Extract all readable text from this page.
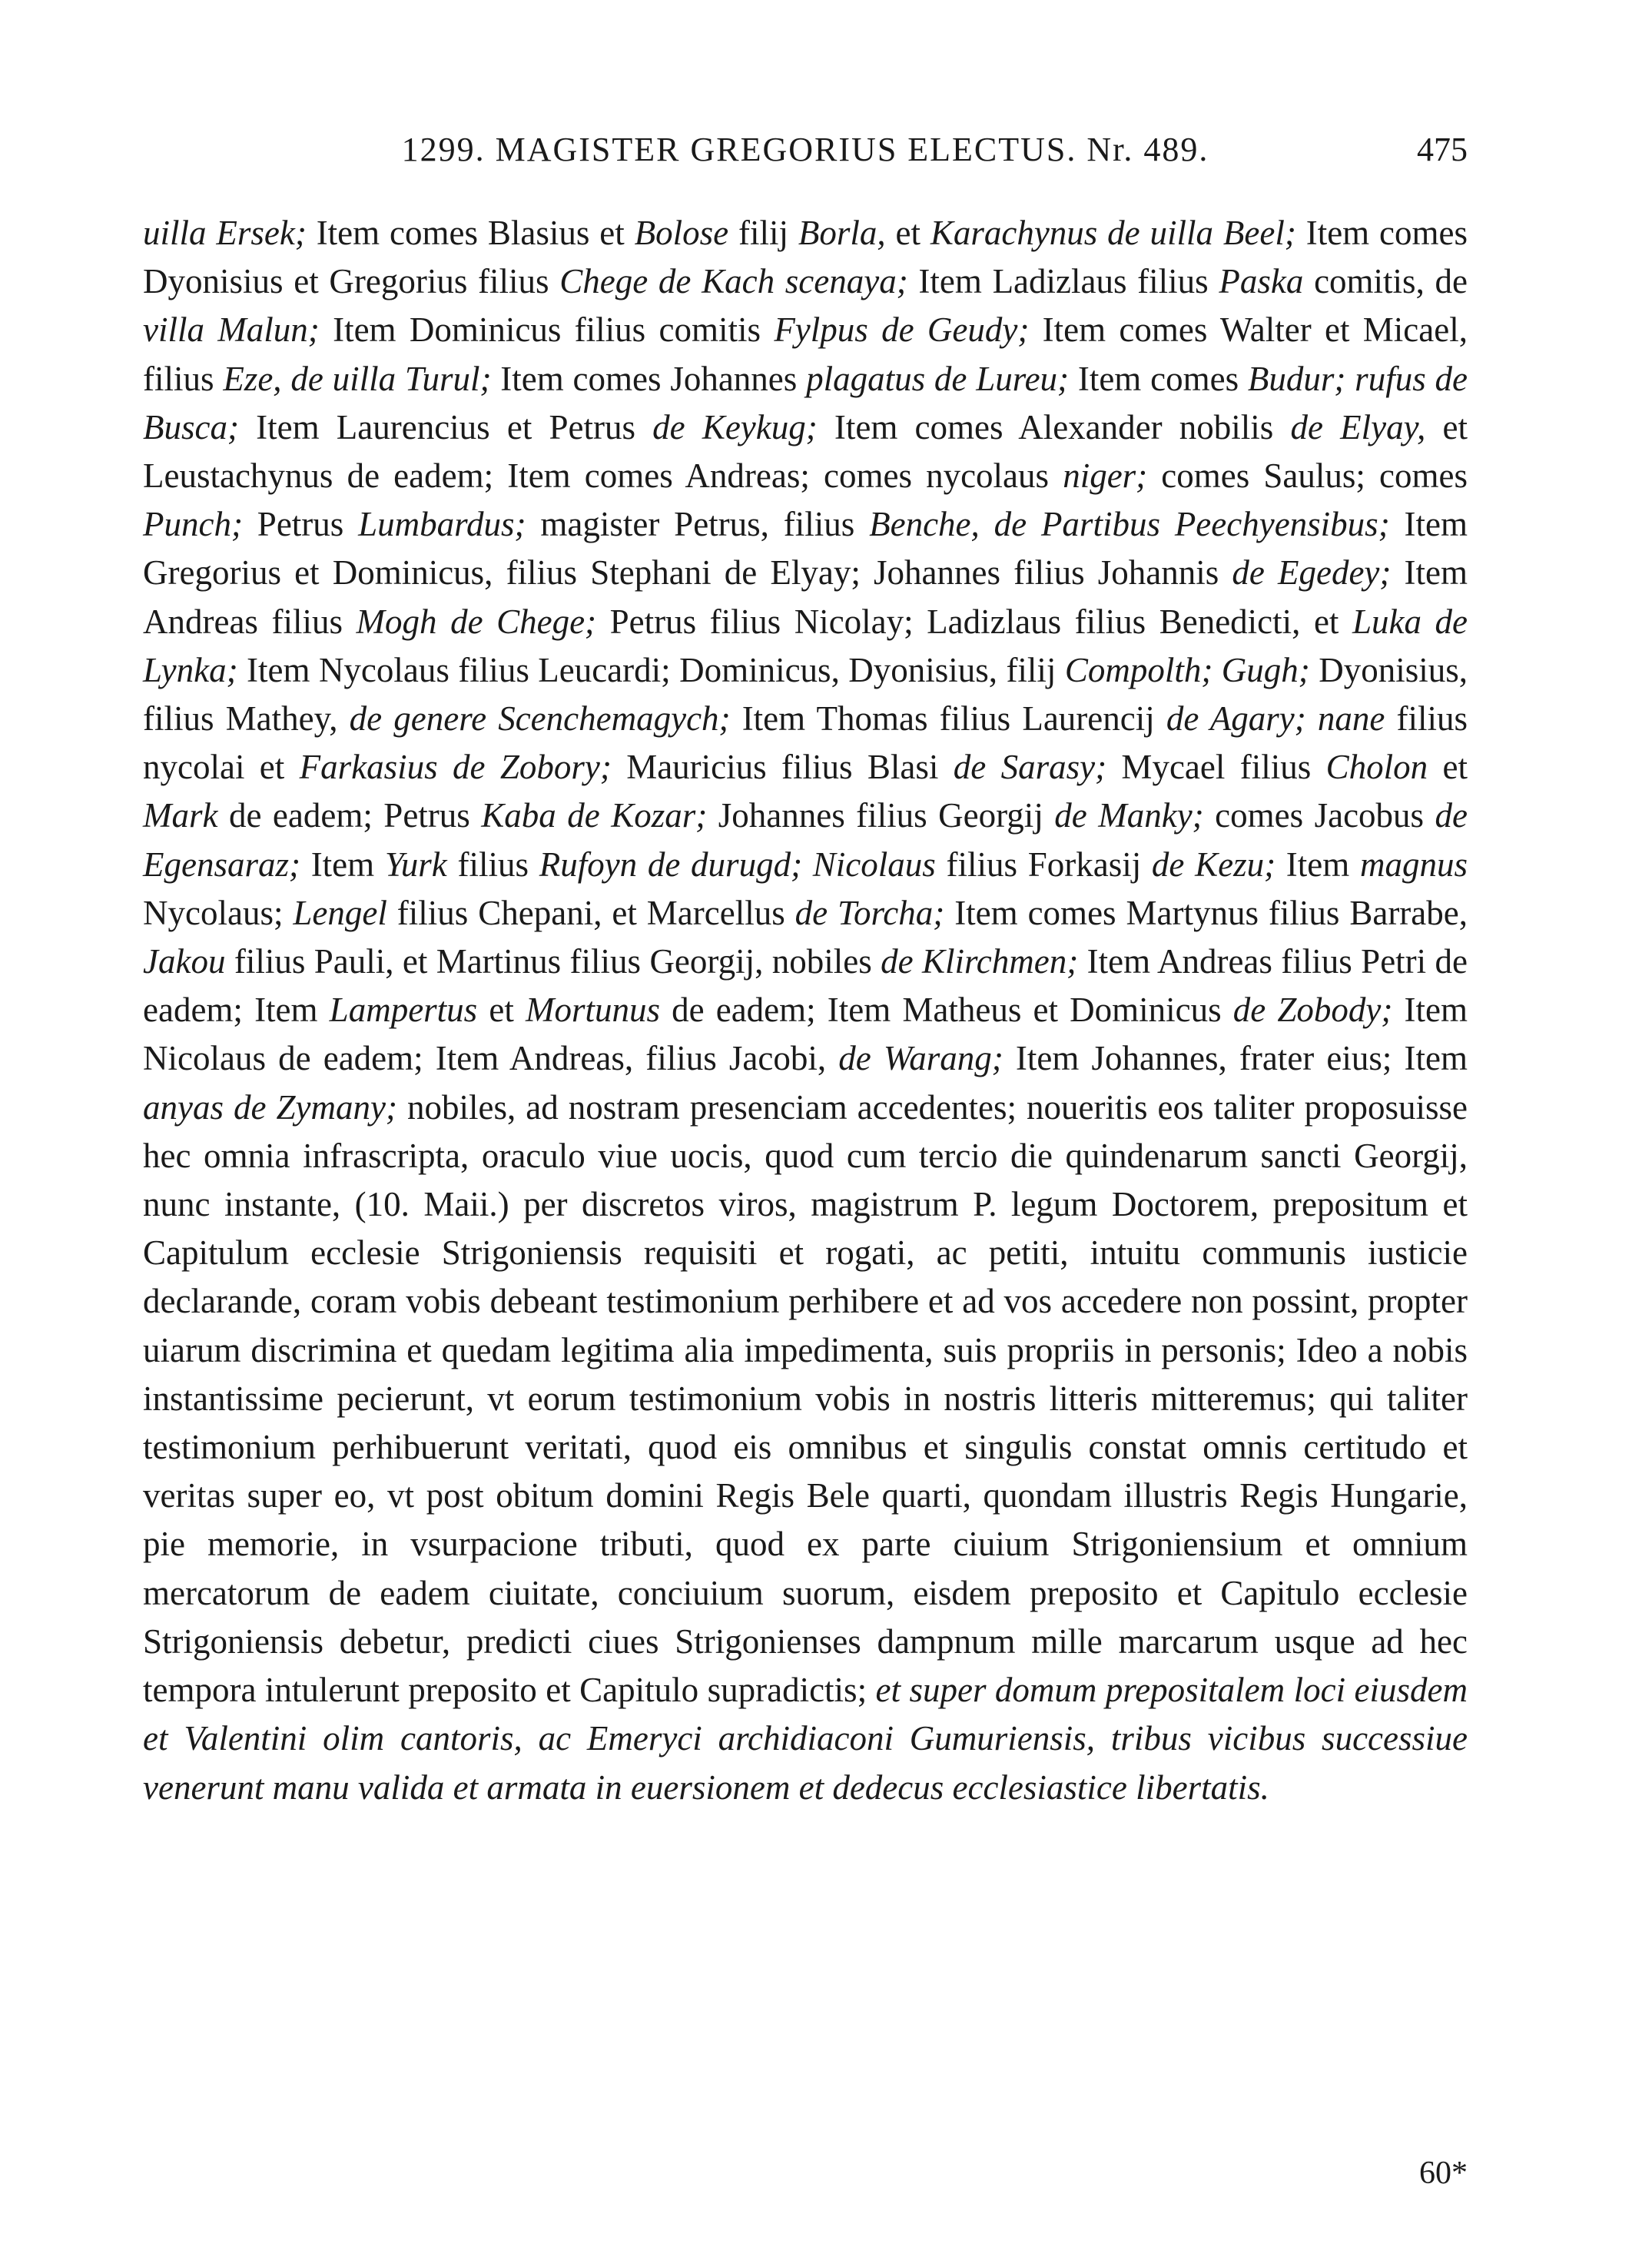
1299. MAGISTER GREGORIUS ELECTUS. Nr. 489.	475

uilla Ersek; Item comes Blasius et Bolose filij Borla, et Karachynus de uilla Beel; Item comes Dyonisius et Gregorius filius Chege de Kach scenaya; Item Ladizlaus filius Paska comitis, de villa Malun; Item Dominicus filius comitis Fylpus de Geudy; Item comes Walter et Micael, filius Eze, de uilla Turul; Item comes Johannes plagatus de Lureu; Item comes Budur; rufus de Busca; Item Laurencius et Petrus de Keykug; Item comes Alexander nobilis de Elyay, et Leustachynus de eadem; Item comes Andreas; comes nycolaus niger; comes Saulus; comes Punch; Petrus Lumbardus; magister Petrus, filius Benche, de Partibus Peechyensibus; Item Gregorius et Dominicus, filius Stephani de Elyay; Johannes filius Johannis de Egedey; Item Andreas filius Mogh de Chege; Petrus filius Nicolay; Ladizlaus filius Benedicti, et Luka de Lynka; Item Nycolaus filius Leucardi; Dominicus, Dyonisius, filij Compolth; Gugh; Dyonisius, filius Mathey, de genere Scenchemagych; Item Thomas filius Laurencij de Agary; nane filius nycolai et Farkasius de Zobory; Mauricius filius Blasi de Sarasy; Mycael filius Cholon et Mark de eadem; Petrus Kaba de Kozar; Johannes filius Georgij de Manky; comes Jacobus de Egensaraz; Item Yurk filius Rufoyn de durugd; Nicolaus filius Forkasij de Kezu; Item magnus Nycolaus; Lengel filius Chepani, et Marcellus de Torcha; Item comes Martynus filius Barrabe, Jakou filius Pauli, et Martinus filius Georgij, nobiles de Klirchmen; Item Andreas filius Petri de eadem; Item Lampertus et Mortunus de eadem; Item Matheus et Dominicus de Zobody; Item Nicolaus de eadem; Item Andreas, filius Jacobi, de Warang; Item Johannes, frater eius; Item anyas de Zymany; nobiles, ad nostram presenciam accedentes; noueritis eos taliter proposuisse hec omnia infrascripta, oraculo viue uocis, quod cum tercio die quindenarum sancti Georgij, nunc instante, (10. Maii.) per discretos viros, magistrum P. legum Doctorem, prepositum et Capitulum ecclesie Strigoniensis requisiti et rogati, ac petiti, intuitu communis iusticie declarande, coram vobis debeant testimonium perhibere et ad vos accedere non possint, propter uiarum discrimina et quedam legitima alia impedimenta, suis propriis in personis; Ideo a nobis instantissime pecierunt, vt eorum testimonium vobis in nostris litteris mitteremus; qui taliter testimonium perhibuerunt veritati, quod eis omnibus et singulis constat omnis certitudo et veritas super eo, vt post obitum domini Regis Bele quarti, quondam illustris Regis Hungarie, pie memorie, in vsurpacione tributi, quod ex parte ciuium Strigoniensium et omnium mercatorum de eadem ciuitate, conciuium suorum, eisdem preposito et Capitulo ecclesie Strigoniensis debetur, predicti ciues Strigonienses dampnum mille marcarum usque ad hec tempora intulerunt preposito et Capitulo supradictis; et super domum prepositalem loci eiusdem et Valentini olim cantoris, ac Emeryci archidiaconi Gumuriensis, tribus vicibus successiue venerunt manu valida et armata in euersionem et dedecus ecclesiastice libertatis.

60*
